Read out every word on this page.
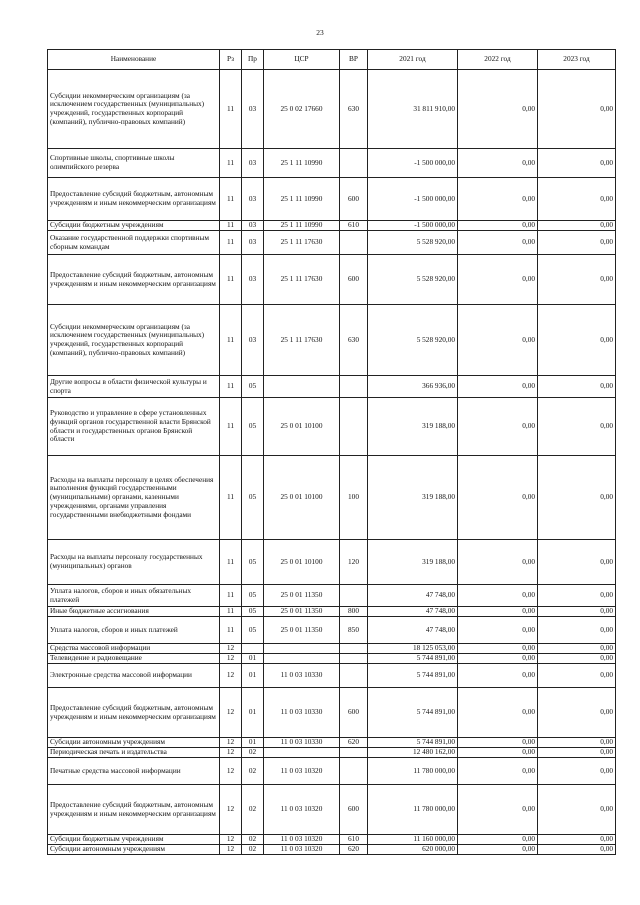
23
Наименование	Рз	Пр	ЦСР	ВР	2021 год	2022 год	2023 год
Субсидии некоммерческим организациям (за исключением государственных (муниципальных) учреждений, государственных корпораций (компаний), публично-правовых компаний)	11	03	25 0 02 17660	630	31 811 910,00	0,00	0,00
Спортивные школы, спортивные школы олимпийского резерва	11	03	25 1 11 10990		-1 500 000,00	0,00	0,00
Предоставление субсидий бюджетным, автономным учреждениям и иным некоммерческим организациям	11	03	25 1 11 10990	600	-1 500 000,00	0,00	0,00
Субсидии бюджетным учреждениям	11	03	25 1 11 10990	610	-1 500 000,00	0,00	0,00
Оказание государственной поддержки спортивным сборным командам	11	03	25 1 11 17630		5 528 920,00	0,00	0,00
Предоставление субсидий бюджетным, автономным учреждениям и иным некоммерческим организациям	11	03	25 1 11 17630	600	5 528 920,00	0,00	0,00
Субсидии некоммерческим организациям (за исключением государственных (муниципальных) учреждений, государственных корпораций (компаний), публично-правовых компаний)	11	03	25 1 11 17630	630	5 528 920,00	0,00	0,00
Другие вопросы в области физической культуры и спорта	11	05			366 936,00	0,00	0,00
Руководство и управление в сфере установленных функций органов государственной власти Брянской области и государственных органов Брянской области	11	05	25 0 01 10100		319 188,00	0,00	0,00
Расходы на выплаты персоналу в целях обеспечения выполнения функций государственными (муниципальными) органами, казенными учреждениями, органами управления государственными внебюджетными фондами	11	05	25 0 01 10100	100	319 188,00	0,00	0,00
Расходы на выплаты персоналу государственных (муниципальных) органов	11	05	25 0 01 10100	120	319 188,00	0,00	0,00
Уплата налогов, сборов и иных обязательных платежей	11	05	25 0 01 11350		47 748,00	0,00	0,00
Иные бюджетные ассигнования	11	05	25 0 01 11350	800	47 748,00	0,00	0,00
Уплата налогов, сборов и иных платежей	11	05	25 0 01 11350	850	47 748,00	0,00	0,00
Средства массовой информации	12				18 125 053,00	0,00	0,00
Телевидение и радиовещание	12	01			5 744 891,00	0,00	0,00
Электронные средства массовой информации	12	01	11 0 03 10330		5 744 891,00	0,00	0,00
Предоставление субсидий бюджетным, автономным учреждениям и иным некоммерческим организациям	12	01	11 0 03 10330	600	5 744 891,00	0,00	0,00
Субсидии автономным учреждениям	12	01	11 0 03 10330	620	5 744 891,00	0,00	0,00
Периодическая печать и издательства	12	02			12 480 162,00	0,00	0,00
Печатные средства массовой информации	12	02	11 0 03 10320		11 780 000,00	0,00	0,00
Предоставление субсидий бюджетным, автономным учреждениям и иным некоммерческим организациям	12	02	11 0 03 10320	600	11 780 000,00	0,00	0,00
Субсидии бюджетным учреждениям	12	02	11 0 03 10320	610	11 160 000,00	0,00	0,00
Субсидии автономным учреждениям	12	02	11 0 03 10320	620	620 000,00	0,00	0,00
